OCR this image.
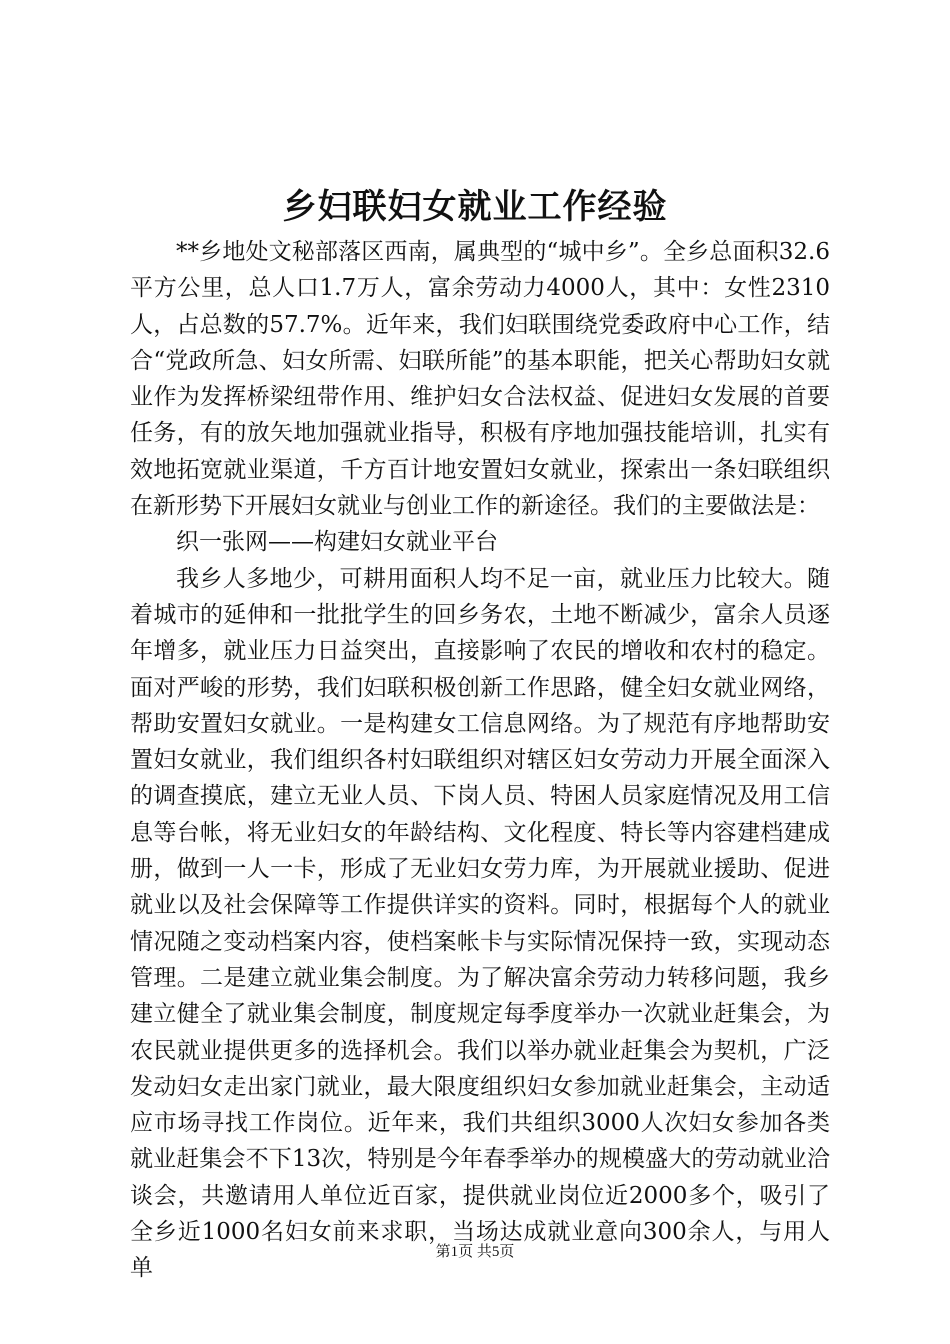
乡妇联妇女就业工作经验

**乡地处文秘部落区西南，属典型的“城中乡”。全乡总面积32.6平方公里，总人口1.7万人，富余劳动力4000人，其中：女性2310人，占总数的57.7%。近年来，我们妇联围绕党委政府中心工作，结合“党政所急、妇女所需、妇联所能”的基本职能，把关心帮助妇女就业作为发挥桥梁纽带作用、维护妇女合法权益、促进妇女发展的首要任务，有的放矢地加强就业指导，积极有序地加强技能培训，扎实有效地拓宽就业渠道，千方百计地安置妇女就业，探索出一条妇联组织在新形势下开展妇女就业与创业工作的新途径。我们的主要做法是：

织一张网——构建妇女就业平台

我乡人多地少，可耕用面积人均不足一亩，就业压力比较大。随着城市的延伸和一批批学生的回乡务农，土地不断减少，富余人员逐年增多，就业压力日益突出，直接影响了农民的增收和农村的稳定。面对严峻的形势，我们妇联积极创新工作思路，健全妇女就业网络，帮助安置妇女就业。一是构建女工信息网络。为了规范有序地帮助安置妇女就业，我们组织各村妇联组织对辖区妇女劳动力开展全面深入的调查摸底，建立无业人员、下岗人员、特困人员家庭情况及用工信息等台帐，将无业妇女的年龄结构、文化程度、特长等内容建档建成册，做到一人一卡，形成了无业妇女劳力库，为开展就业援助、促进就业以及社会保障等工作提供详实的资料。同时，根据每个人的就业情况随之变动档案内容，使档案帐卡与实际情况保持一致，实现动态管理。二是建立就业集会制度。为了解决富余劳动力转移问题，我乡建立健全了就业集会制度，制度规定每季度举办一次就业赶集会，为农民就业提供更多的选择机会。我们以举办就业赶集会为契机，广泛发动妇女走出家门就业，最大限度组织妇女参加就业赶集会，主动适应市场寻找工作岗位。近年来，我们共组织3000人次妇女参加各类就业赶集会不下13次，特别是今年春季举办的规模盛大的劳动就业洽谈会，共邀请用人单位近百家，提供就业岗位近2000多个，吸引了全乡近1000名妇女前来求职，当场达成就业意向300余人，与用人单

第1页 共5页
